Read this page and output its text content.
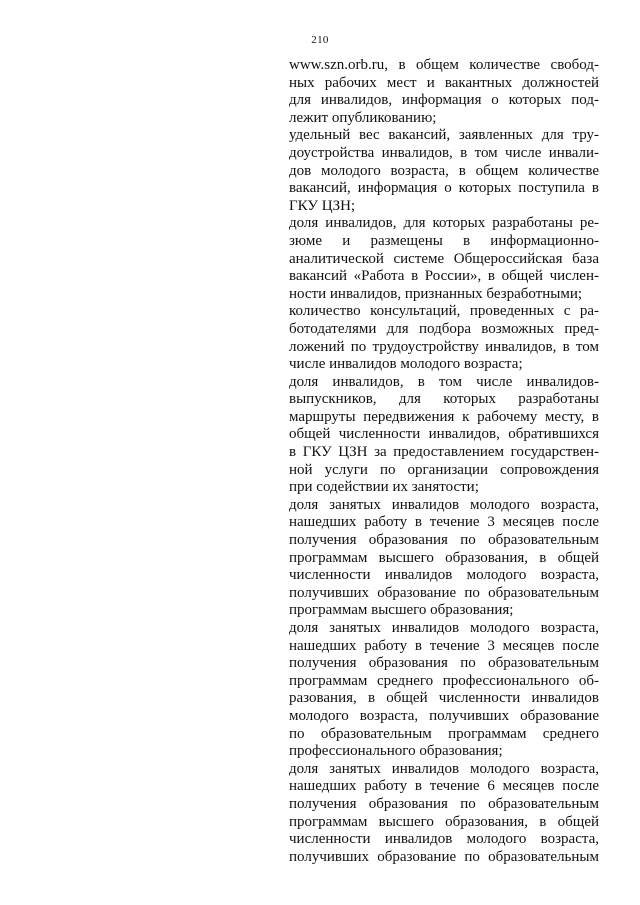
210
www.szn.orb.ru, в общем количестве свобод-
ных рабочих мест и вакантных должностей
для инвалидов, информация о которых под-
лежит опубликованию;
удельный вес вакансий, заявленных для тру-
доустройства инвалидов, в том числе инвали-
дов молодого возраста, в общем количестве
вакансий, информация о которых поступила в
ГКУ ЦЗН;
доля инвалидов, для которых разработаны ре-
зюме и размещены в информационно-
аналитической системе Общероссийская база
вакансий «Работа в России», в общей числен-
ности инвалидов, признанных безработными;
количество консультаций, проведенных с ра-
ботодателями для подбора возможных пред-
ложений по трудоустройству инвалидов, в том
числе инвалидов молодого возраста;
доля инвалидов, в том числе инвалидов-
выпускников, для которых разработаны
маршруты передвижения к рабочему месту, в
общей численности инвалидов, обратившихся
в ГКУ ЦЗН за предоставлением государствен-
ной услуги по организации сопровождения
при содействии их занятости;
доля занятых инвалидов молодого возраста,
нашедших работу в течение 3 месяцев после
получения образования по образовательным
программам высшего образования, в общей
численности инвалидов молодого возраста,
получивших образование по образовательным
программам высшего образования;
доля занятых инвалидов молодого возраста,
нашедших работу в течение 3 месяцев после
получения образования по образовательным
программам среднего профессионального об-
разования, в общей численности инвалидов
молодого возраста, получивших образование
по образовательным программам среднего
профессионального образования;
доля занятых инвалидов молодого возраста,
нашедших работу в течение 6 месяцев после
получения образования по образовательным
программам высшего образования, в общей
численности инвалидов молодого возраста,
получивших образование по образовательным
